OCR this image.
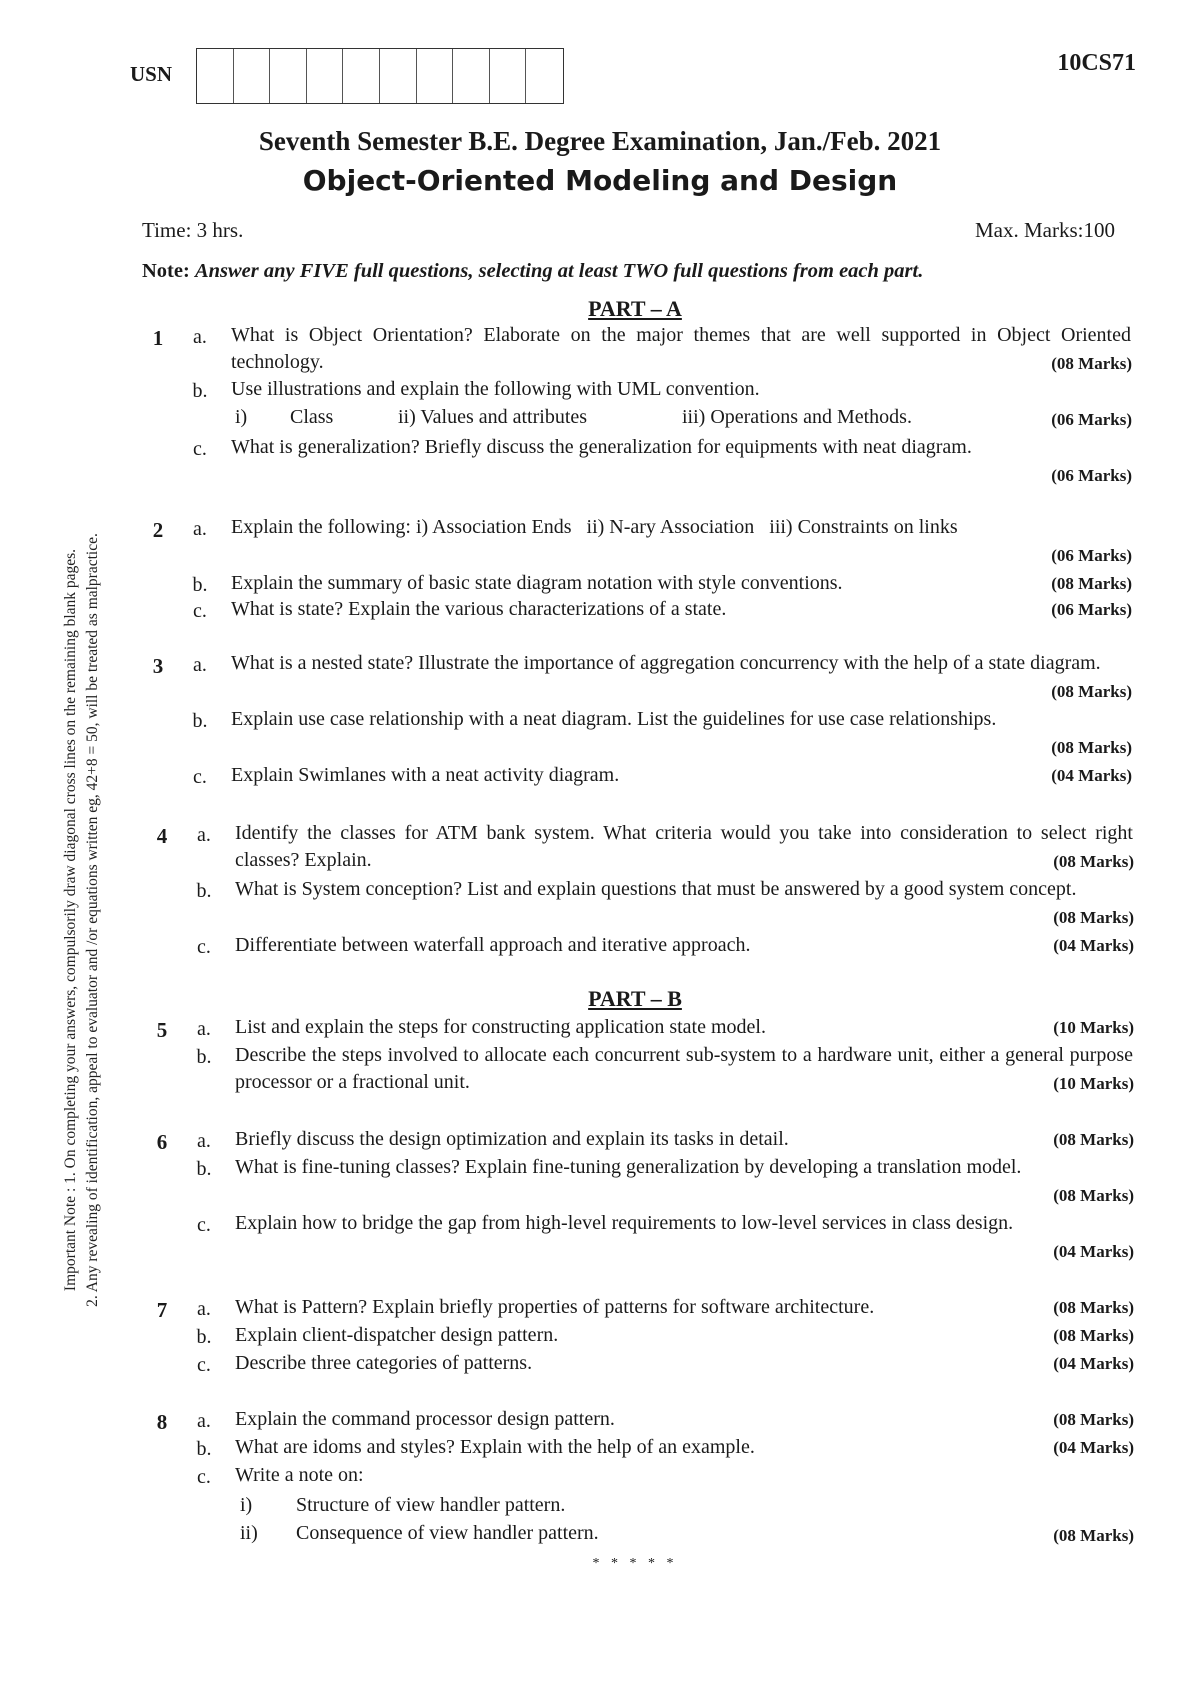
USN	10CS71
Seventh Semester B.E. Degree Examination, Jan./Feb. 2021
Object-Oriented Modeling and Design
Time: 3 hrs.	Max. Marks:100
Note: Answer any FIVE full questions, selecting at least TWO full questions from each part.
Important Note : 1. On completing your answers, compulsorily draw diagonal cross lines on the remaining blank pages. 2. Any revealing of identification, appeal to evaluator and /or equations written eg, 42+8 = 50, will be treated as malpractice.
PART – A
1 a. What is Object Orientation? Elaborate on the major themes that are well supported in Object Oriented technology.	(08 Marks)
b. Use illustrations and explain the following with UML convention.
i) Class	ii) Values and attributes	iii) Operations and Methods.	(06 Marks)
c. What is generalization? Briefly discuss the generalization for equipments with neat diagram.
(06 Marks)
2 a. Explain the following: i) Association Ends   ii) N-ary Association   iii) Constraints on links
(06 Marks)
b. Explain the summary of basic state diagram notation with style conventions.	(08 Marks)
c. What is state? Explain the various characterizations of a state.	(06 Marks)
3 a. What is a nested state? Illustrate the importance of aggregation concurrency with the help of a state diagram.
(08 Marks)
b. Explain use case relationship with a neat diagram. List the guidelines for use case relationships.
(08 Marks)
c. Explain Swimlanes with a neat activity diagram.	(04 Marks)
4 a. Identify the classes for ATM bank system. What criteria would you take into consideration to select right classes? Explain.	(08 Marks)
b. What is System conception? List and explain questions that must be answered by a good system concept.
(08 Marks)
c. Differentiate between waterfall approach and iterative approach.	(04 Marks)
PART – B
5 a. List and explain the steps for constructing application state model.	(10 Marks)
b. Describe the steps involved to allocate each concurrent sub-system to a hardware unit, either a general purpose processor or a fractional unit.	(10 Marks)
6 a. Briefly discuss the design optimization and explain its tasks in detail.	(08 Marks)
b. What is fine-tuning classes? Explain fine-tuning generalization by developing a translation model.
(08 Marks)
c. Explain how to bridge the gap from high-level requirements to low-level services in class design.
(04 Marks)
7 a. What is Pattern? Explain briefly properties of patterns for software architecture.	(08 Marks)
b. Explain client-dispatcher design pattern.	(08 Marks)
c. Describe three categories of patterns.	(04 Marks)
8 a. Explain the command processor design pattern.	(08 Marks)
b. What are idoms and styles? Explain with the help of an example.	(04 Marks)
c. Write a note on:
i) Structure of view handler pattern.
ii) Consequence of view handler pattern.	(08 Marks)
* * * * *
